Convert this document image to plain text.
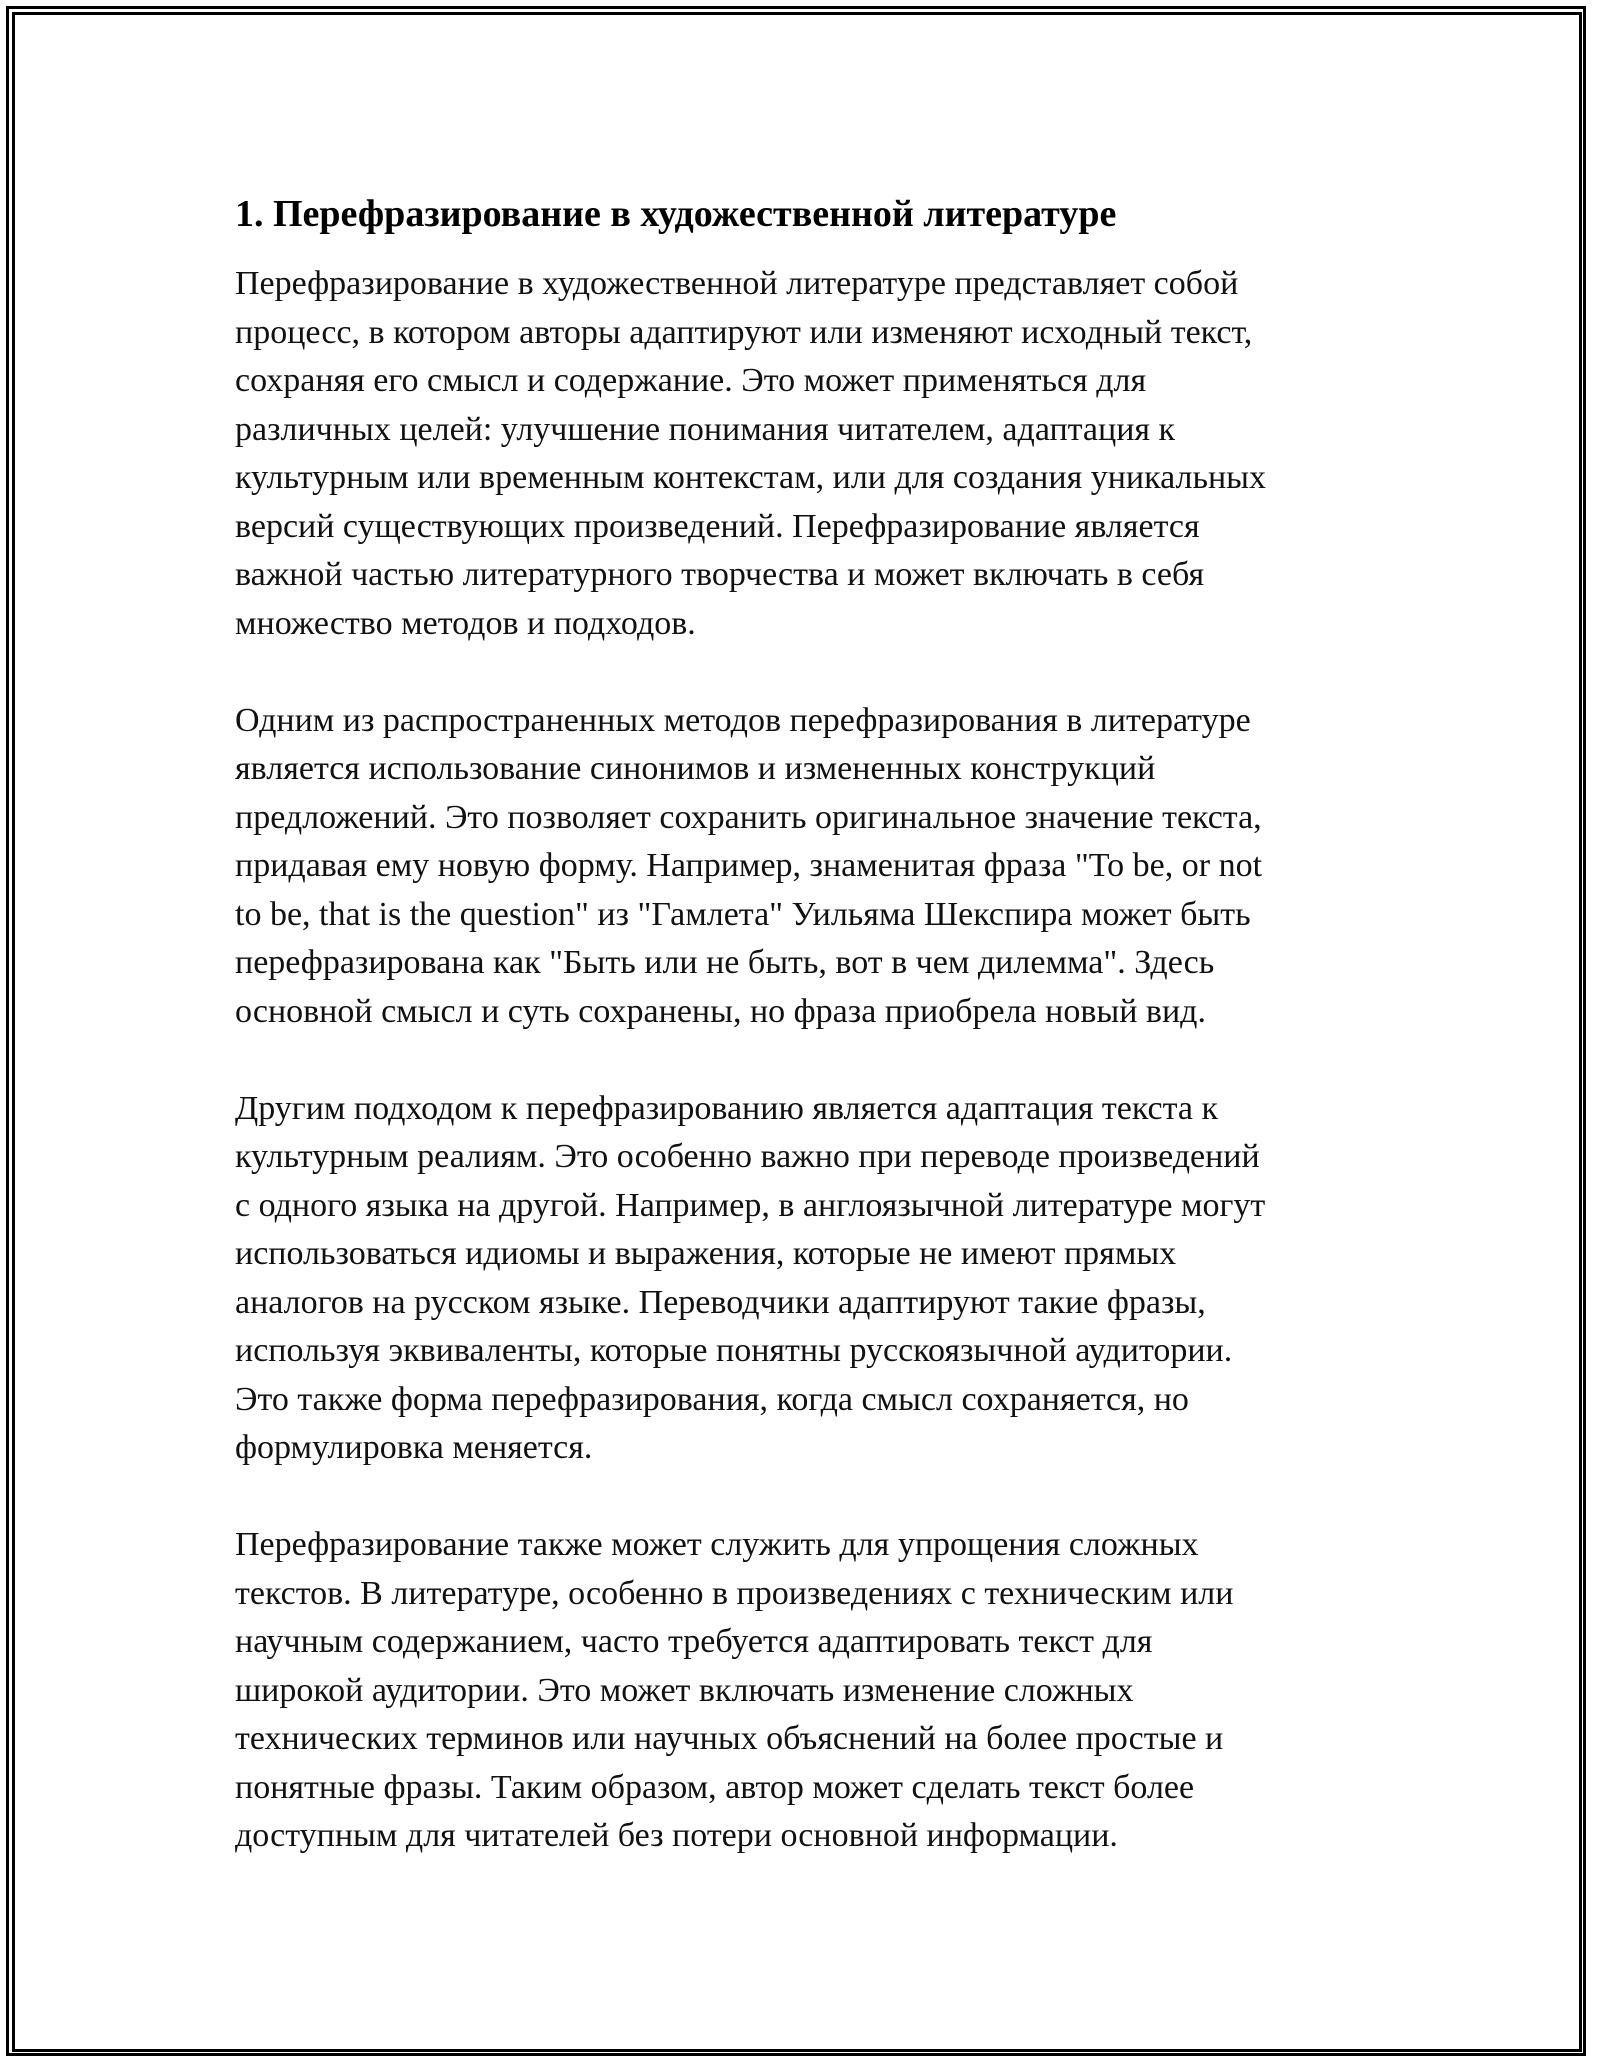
1. Перефразирование в художественной литературе
Перефразирование в художественной литературе представляет собой
процесс, в котором авторы адаптируют или изменяют исходный текст,
сохраняя его смысл и содержание. Это может применяться для
различных целей: улучшение понимания читателем, адаптация к
культурным или временным контекстам, или для создания уникальных
версий существующих произведений. Перефразирование является
важной частью литературного творчества и может включать в себя
множество методов и подходов.
Одним из распространенных методов перефразирования в литературе
является использование синонимов и измененных конструкций
предложений. Это позволяет сохранить оригинальное значение текста,
придавая ему новую форму. Например, знаменитая фраза "To be, or not
to be, that is the question" из "Гамлета" Уильяма Шекспира может быть
перефразирована как "Быть или не быть, вот в чем дилемма". Здесь
основной смысл и суть сохранены, но фраза приобрела новый вид.
Другим подходом к перефразированию является адаптация текста к
культурным реалиям. Это особенно важно при переводе произведений
с одного языка на другой. Например, в англоязычной литературе могут
использоваться идиомы и выражения, которые не имеют прямых
аналогов на русском языке. Переводчики адаптируют такие фразы,
используя эквиваленты, которые понятны русскоязычной аудитории.
Это также форма перефразирования, когда смысл сохраняется, но
формулировка меняется.
Перефразирование также может служить для упрощения сложных
текстов. В литературе, особенно в произведениях с техническим или
научным содержанием, часто требуется адаптировать текст для
широкой аудитории. Это может включать изменение сложных
технических терминов или научных объяснений на более простые и
понятные фразы. Таким образом, автор может сделать текст более
доступным для читателей без потери основной информации.
